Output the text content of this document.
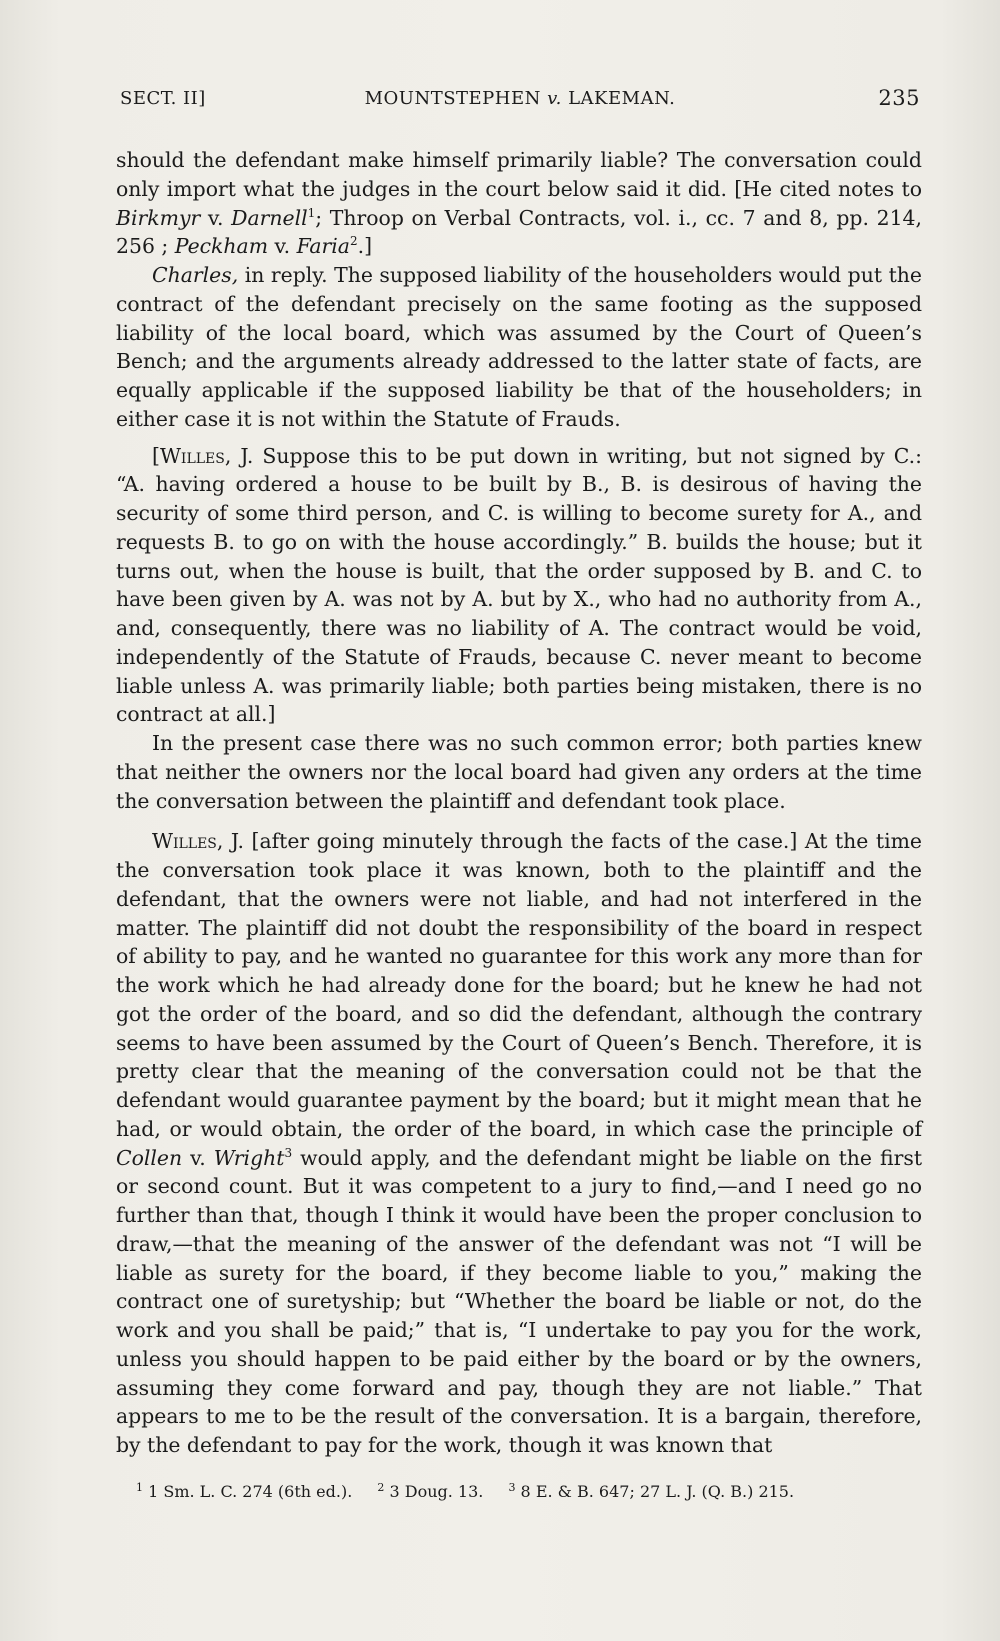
SECT. II]	MOUNTSTEPHEN v. LAKEMAN.	235

should the defendant make himself primarily liable? The conversation could only import what the judges in the court below said it did. [He cited notes to Birkmyr v. Darnell$^1$; Throop on Verbal Contracts, vol. i., cc. 7 and 8, pp. 214, 256 ; Peckham v. Faria$^2$.]

Charles, in reply. The supposed liability of the householders would put the contract of the defendant precisely on the same footing as the supposed liability of the local board, which was assumed by the Court of Queen’s Bench; and the arguments already addressed to the latter state of facts, are equally applicable if the supposed liability be that of the householders; in either case it is not within the Statute of Frauds.

[Willes, J. Suppose this to be put down in writing, but not signed by C.: “A. having ordered a house to be built by B., B. is desirous of having the security of some third person, and C. is willing to become surety for A., and requests B. to go on with the house accordingly.” B. builds the house; but it turns out, when the house is built, that the order supposed by B. and C. to have been given by A. was not by A. but by X., who had no authority from A., and, consequently, there was no liability of A. The contract would be void, independently of the Statute of Frauds, because C. never meant to become liable unless A. was primarily liable; both parties being mistaken, there is no contract at all.]

In the present case there was no such common error; both parties knew that neither the owners nor the local board had given any orders at the time the conversation between the plaintiff and defendant took place.

Willes, J. [after going minutely through the facts of the case.] At the time the conversation took place it was known, both to the plaintiff and the defendant, that the owners were not liable, and had not interfered in the matter. The plaintiff did not doubt the responsibility of the board in respect of ability to pay, and he wanted no guarantee for this work any more than for the work which he had already done for the board; but he knew he had not got the order of the board, and so did the defendant, although the contrary seems to have been assumed by the Court of Queen’s Bench. Therefore, it is pretty clear that the meaning of the conversation could not be that the defendant would guarantee payment by the board; but it might mean that he had, or would obtain, the order of the board, in which case the principle of Collen v. Wright$^3$ would apply, and the defendant might be liable on the first or second count. But it was competent to a jury to find,—and I need go no further than that, though I think it would have been the proper conclusion to draw,—that the meaning of the answer of the defendant was not “I will be liable as surety for the board, if they become liable to you,” making the contract one of suretyship; but “Whether the board be liable or not, do the work and you shall be paid;” that is, “I undertake to pay you for the work, unless you should happen to be paid either by the board or by the owners, assuming they come forward and pay, though they are not liable.” That appears to me to be the result of the conversation. It is a bargain, therefore, by the defendant to pay for the work, though it was known that

$^1$ 1 Sm. L. C. 274 (6th ed.). $^2$ 3 Doug. 13. $^3$ 8 E. & B. 647; 27 L. J. (Q. B.) 215.
